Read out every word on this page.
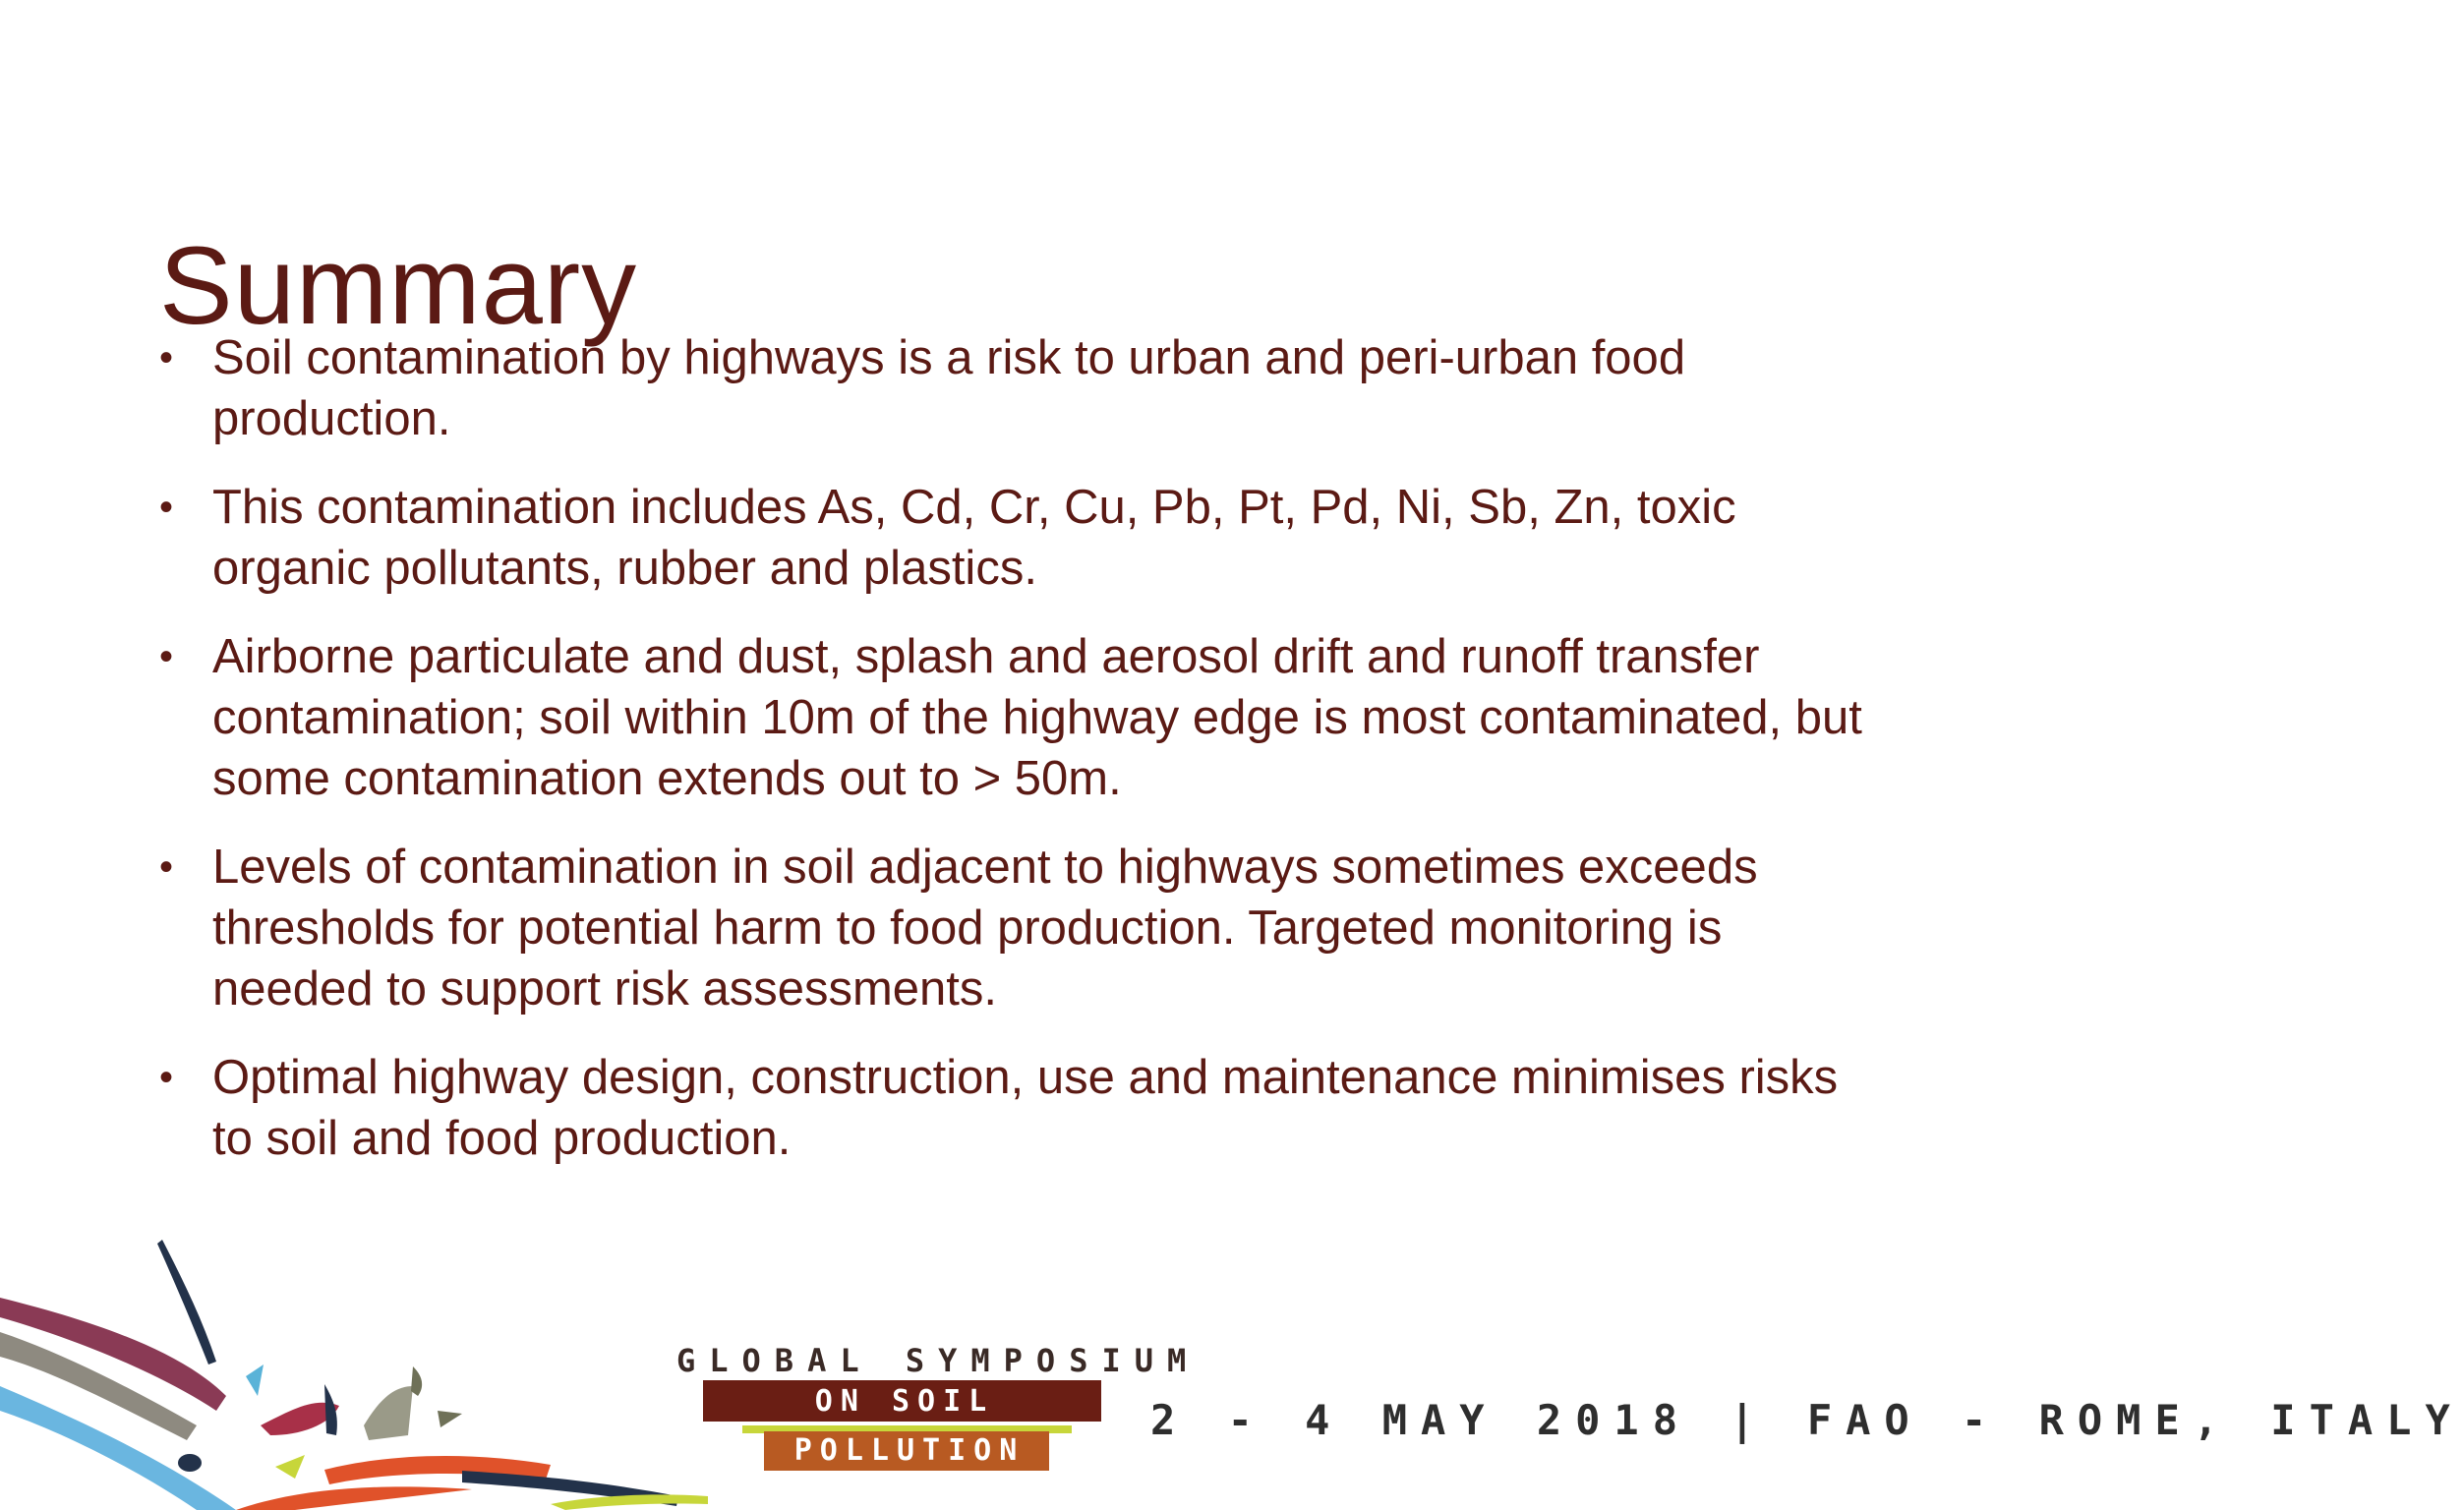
Summary
• Soil contamination by highways is a risk to urban and peri-urban food production.
• This contamination includes As, Cd, Cr, Cu, Pb, Pt, Pd, Ni, Sb, Zn, toxic organic pollutants, rubber and plastics.
• Airborne particulate and dust, splash and aerosol drift and runoff transfer contamination; soil within 10m of the highway edge is most contaminated, but some contamination extends out to > 50m.
• Levels of contamination in soil adjacent to highways sometimes exceeds thresholds for potential harm to food production. Targeted monitoring is needed to support risk assessments.
• Optimal highway design, construction, use and maintenance minimises risks to soil and food production.
GLOBAL SYMPOSIUM
ON SOIL
POLLUTION
2 - 4 MAY 2018 | FAO - ROME, ITALY
